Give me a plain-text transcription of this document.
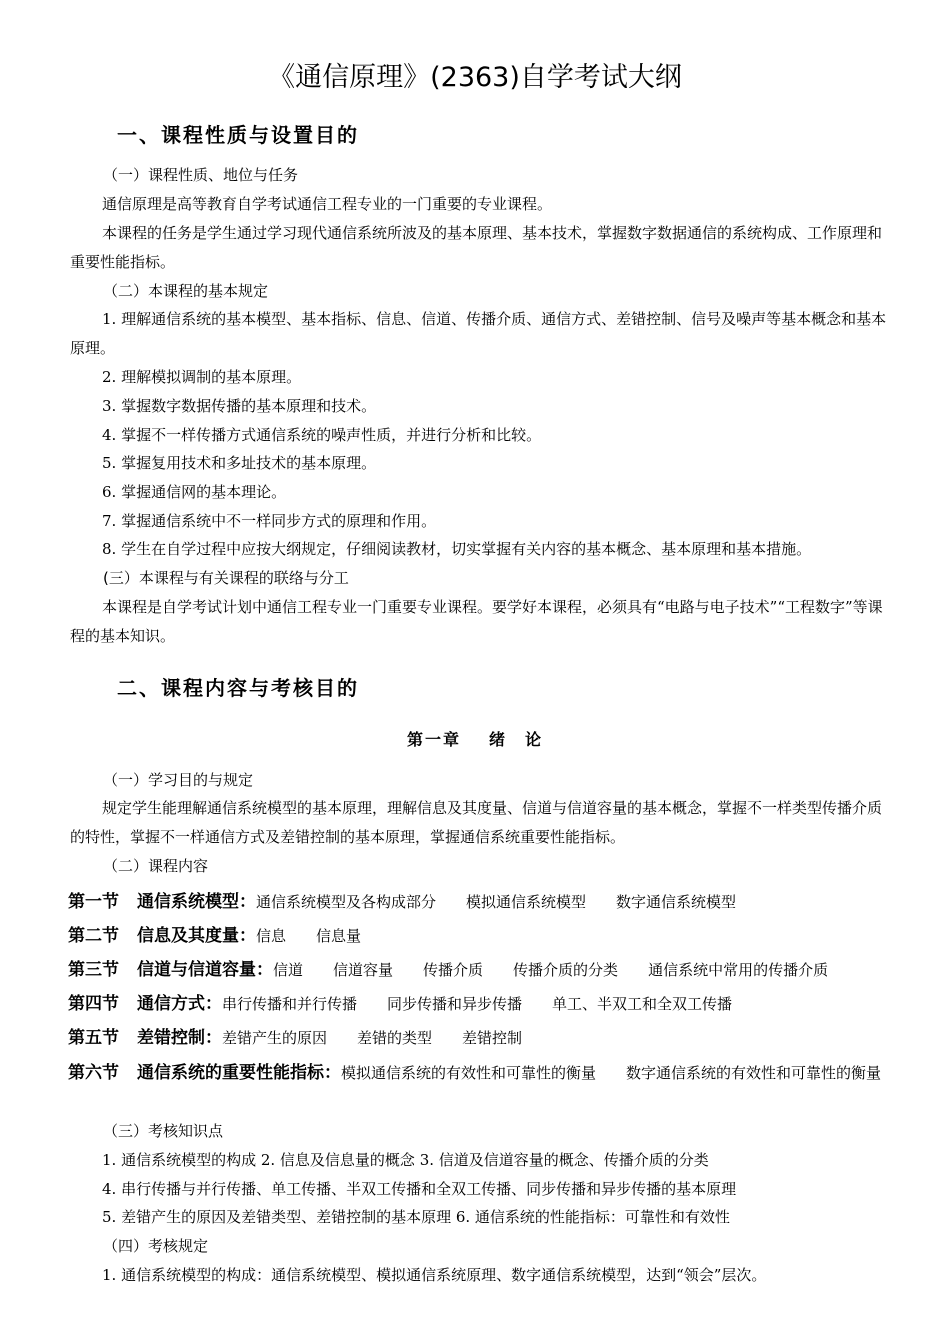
《通信原理》(2363)自学考试大纲
一、课程性质与设置目的
（一）课程性质、地位与任务

通信原理是高等教育自学考试通信工程专业的一门重要的专业课程。

本课程的任务是学生通过学习现代通信系统所波及的基本原理、基本技术，掌握数字数据通信的系统构成、工作原理和重要性能指标。

（二）本课程的基本规定

1. 理解通信系统的基本模型、基本指标、信息、信道、传播介质、通信方式、差错控制、信号及噪声等基本概念和基本原理。

2. 理解模拟调制的基本原理。
3. 掌握数字数据传播的基本原理和技术。
4. 掌握不一样传播方式通信系统的噪声性质，并进行分析和比较。
5. 掌握复用技术和多址技术的基本原理。
6. 掌握通信网的基本理论。
7. 掌握通信系统中不一样同步方式的原理和作用。
8. 学生在自学过程中应按大纲规定，仔细阅读教材，切实掌握有关内容的基本概念、基本原理和基本措施。
(三）本课程与有关课程的联络与分工

本课程是自学考试计划中通信工程专业一门重要专业课程。要学好本课程，必须具有“电路与电子技术”“工程数字”等课程的基本知识。

二、课程内容与考核目的
第一章 绪　论
（一）学习目的与规定

规定学生能理解通信系统模型的基本原理，理解信息及其度量、信道与信道容量的基本概念，掌握不一样类型传播介质的特性，掌握不一样通信方式及差错控制的基本原理，掌握通信系统重要性能指标。

（二）课程内容
第一节 通信系统模型：通信系统模型及各构成部分 模拟通信系统模型 数字通信系统模型
第二节 信息及其度量：信息 信息量
第三节 信道与信道容量：信道 信道容量 传播介质 传播介质的分类 通信系统中常用的传播介质
第四节 通信方式：串行传播和并行传播 同步传播和异步传播 单工、半双工和全双工传播
第五节 差错控制：差错产生的原因 差错的类型 差错控制
第六节 通信系统的重要性能指标：模拟通信系统的有效性和可靠性的衡量 数字通信系统的有效性和可靠性的衡量
（三）考核知识点
1. 通信系统模型的构成 2. 信息及信息量的概念 3. 信道及信道容量的概念、传播介质的分类
4. 串行传播与并行传播、单工传播、半双工传播和全双工传播、同步传播和异步传播的基本原理
5. 差错产生的原因及差错类型、差错控制的基本原理 6. 通信系统的性能指标：可靠性和有效性
（四）考核规定
1. 通信系统模型的构成：通信系统模型、模拟通信系统原理、数字通信系统模型，达到“领会”层次。
